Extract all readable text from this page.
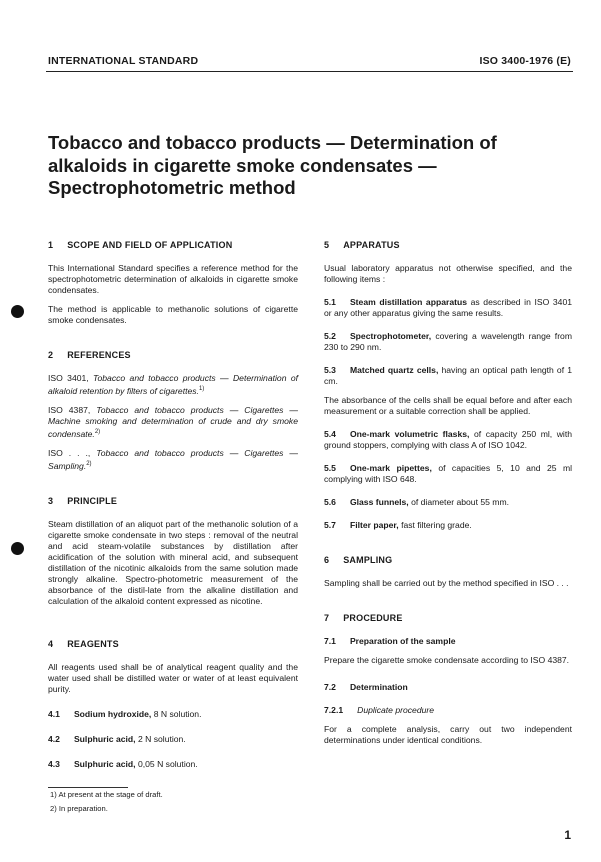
INTERNATIONAL STANDARD	ISO 3400-1976 (E)
Tobacco and tobacco products — Determination of alkaloids in cigarette smoke condensates — Spectrophotometric method
1 SCOPE AND FIELD OF APPLICATION

This International Standard specifies a reference method for the spectrophotometric determination of alkaloids in cigarette smoke condensates.

The method is applicable to methanolic solutions of cigarette smoke condensates.

2 REFERENCES

ISO 3401, Tobacco and tobacco products — Determination of alkaloid retention by filters of cigarettes.$^{1)}$

ISO 4387, Tobacco and tobacco products — Cigarettes — Machine smoking and determination of crude and dry smoke condensate.$^{2)}$

ISO . . ., Tobacco and tobacco products — Cigarettes — Sampling.$^{2)}$

3 PRINCIPLE

Steam distillation of an aliquot part of the methanolic solution of a cigarette smoke condensate in two steps : removal of the neutral and acid steam-volatile substances by distillation after acidification of the solution with mineral acid, and subsequent distillation of the nicotinic alkaloids from the same solution made strongly alkaline. Spectro-photometric measurement of the absorbance of the distil-late from the alkaline distillation and calculation of the alkaloid content expressed as nicotine.

4 REAGENTS

All reagents used shall be of analytical reagent quality and the water used shall be distilled water or water of at least equivalent purity.

4.1 Sodium hydroxide, 8 N solution.

4.2 Sulphuric acid, 2 N solution.

4.3 Sulphuric acid, 0,05 N solution.

5 APPARATUS

Usual laboratory apparatus not otherwise specified, and the following items :

5.1 Steam distillation apparatus as described in ISO 3401 or any other apparatus giving the same results.

5.2 Spectrophotometer, covering a wavelength range from 230 to 290 nm.

5.3 Matched quartz cells, having an optical path length of 1 cm.

The absorbance of the cells shall be equal before and after each measurement or a suitable correction shall be applied.

5.4 One-mark volumetric flasks, of capacity 250 ml, with ground stoppers, complying with class A of ISO 1042.

5.5 One-mark pipettes, of capacities 5, 10 and 25 ml complying with ISO 648.

5.6 Glass funnels, of diameter about 55 mm.

5.7 Filter paper, fast filtering grade.

6 SAMPLING

Sampling shall be carried out by the method specified in ISO . . .

7 PROCEDURE

7.1 Preparation of the sample

Prepare the cigarette smoke condensate according to ISO 4387.

7.2 Determination

7.2.1 Duplicate procedure

For a complete analysis, carry out two independent determinations under identical conditions.

1) At present at the stage of draft.
2) In preparation.
1
